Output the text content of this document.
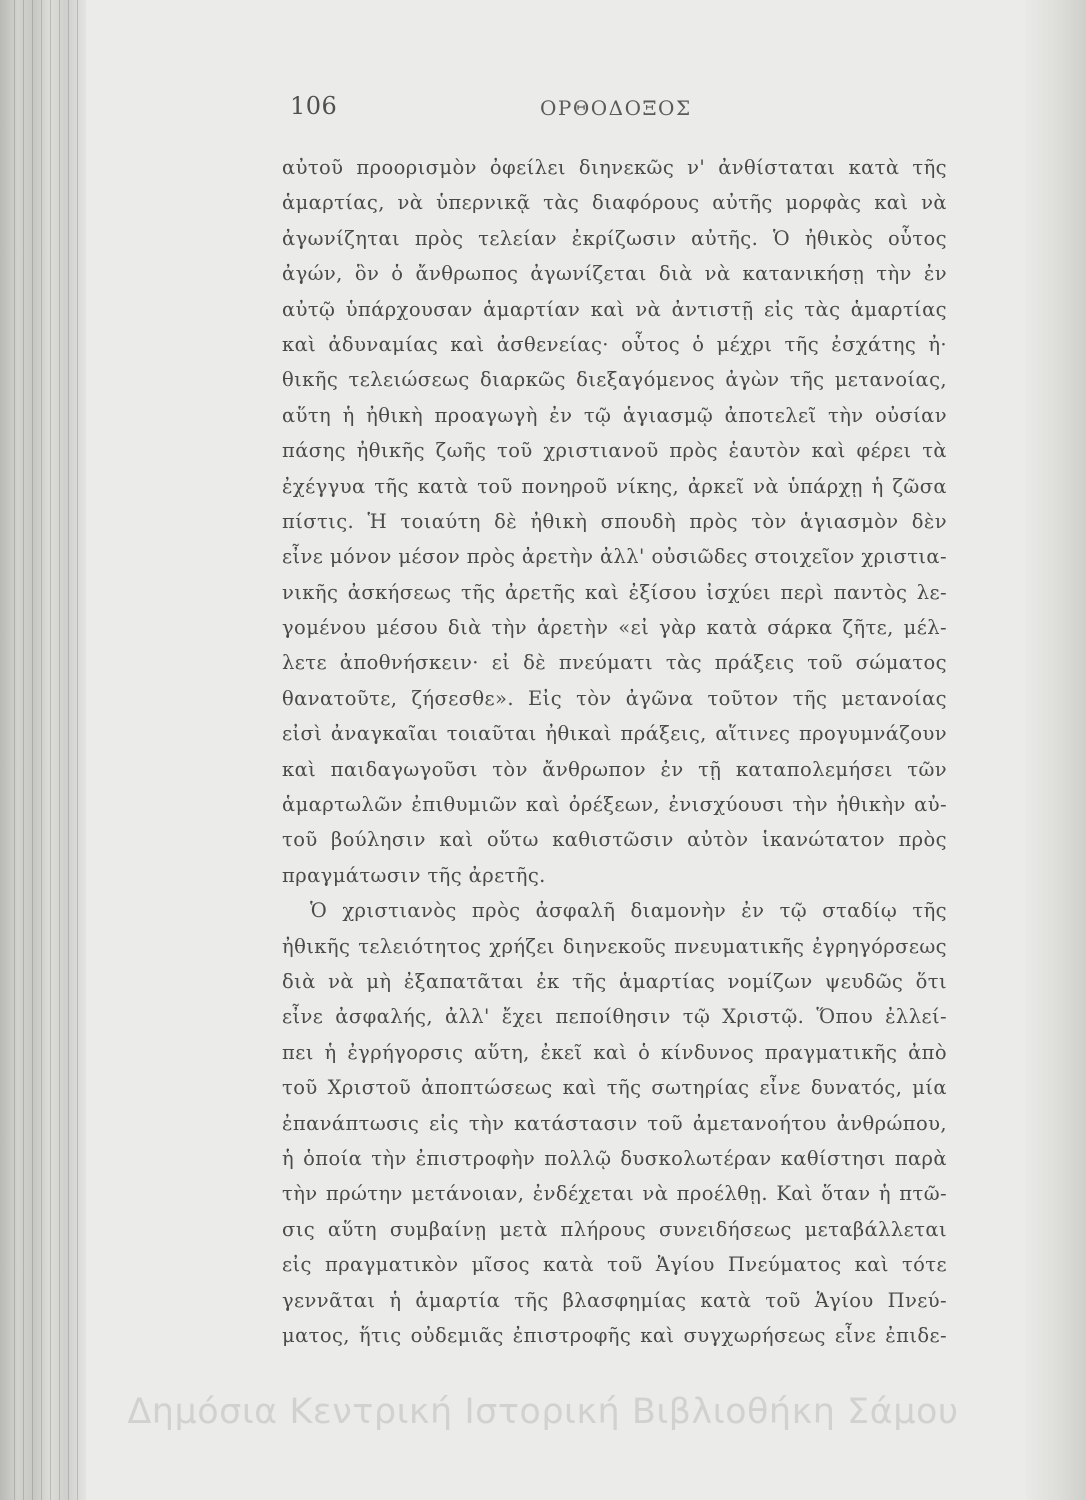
106	ΟΡΘΟΔΟΞΟΣ
αὐτοῦ προορισμὸν ὀφείλει διηνεκῶς ν' ἀνθίσταται κατὰ τῆς
ἁμαρτίας, νὰ ὑπερνικᾷ τὰς διαφόρους αὐτῆς μορφὰς καὶ νὰ
ἀγωνίζηται πρὸς τελείαν ἐκρίζωσιν αὐτῆς. Ὁ ἠθικὸς οὗτος
ἀγών, ὃν ὁ ἄνθρωπος ἀγωνίζεται διὰ νὰ κατανικήσῃ τὴν ἐν
αὐτῷ ὑπάρχουσαν ἁμαρτίαν καὶ νὰ ἀντιστῇ εἰς τὰς ἁμαρτίας
καὶ ἀδυναμίας καὶ ἀσθενείας· οὗτος ὁ μέχρι τῆς ἐσχάτης ἠ·
θικῆς τελειώσεως διαρκῶς διεξαγόμενος ἀγὼν τῆς μετανοίας,
αὕτη ἡ ἠθικὴ προαγωγὴ ἐν τῷ ἁγιασμῷ ἀποτελεῖ τὴν οὐσίαν
πάσης ἠθικῆς ζωῆς τοῦ χριστιανοῦ πρὸς ἑαυτὸν καὶ φέρει τὰ
ἐχέγγυα τῆς κατὰ τοῦ πονηροῦ νίκης, ἀρκεῖ νὰ ὑπάρχῃ ἡ ζῶσα
πίστις. Ἡ τοιαύτη δὲ ἠθικὴ σπουδὴ πρὸς τὸν ἁγιασμὸν δὲν
εἶνε μόνον μέσον πρὸς ἀρετὴν ἀλλ' οὐσιῶδες στοιχεῖον χριστια-
νικῆς ἀσκήσεως τῆς ἀρετῆς καὶ ἐξίσου ἰσχύει περὶ παντὸς λε-
γομένου μέσου διὰ τὴν ἀρετὴν «εἰ γὰρ κατὰ σάρκα ζῆτε, μέλ-
λετε ἀποθνήσκειν· εἰ δὲ πνεύματι τὰς πράξεις τοῦ σώματος
θανατοῦτε, ζήσεσθε». Εἰς τὸν ἀγῶνα τοῦτον τῆς μετανοίας
εἰσὶ ἀναγκαῖαι τοιαῦται ἠθικαὶ πράξεις, αἵτινες προγυμνάζουν
καὶ παιδαγωγοῦσι τὸν ἄνθρωπον ἐν τῇ καταπολεμήσει τῶν
ἁμαρτωλῶν ἐπιθυμιῶν καὶ ὀρέξεων, ἐνισχύουσι τὴν ἠθικὴν αὐ-
τοῦ βούλησιν καὶ οὕτω καθιστῶσιν αὐτὸν ἱκανώτατον πρὸς
πραγμάτωσιν τῆς ἀρετῆς.
Ὁ χριστιανὸς πρὸς ἀσφαλῆ διαμονὴν ἐν τῷ σταδίῳ τῆς
ἠθικῆς τελειότητος χρήζει διηνεκοῦς πνευματικῆς ἐγρηγόρσεως
διὰ νὰ μὴ ἐξαπατᾶται ἐκ τῆς ἁμαρτίας νομίζων ψευδῶς ὅτι
εἶνε ἀσφαλής, ἀλλ' ἔχει πεποίθησιν τῷ Χριστῷ. Ὅπου ἐλλεί-
πει ἡ ἐγρήγορσις αὕτη, ἐκεῖ καὶ ὁ κίνδυνος πραγματικῆς ἀπὸ
τοῦ Χριστοῦ ἀποπτώσεως καὶ τῆς σωτηρίας εἶνε δυνατός, μία
ἐπανάπτωσις εἰς τὴν κατάστασιν τοῦ ἀμετανοήτου ἀνθρώπου,
ἡ ὁποία τὴν ἐπιστροφὴν πολλῷ δυσκολωτέραν καθίστησι παρὰ
τὴν πρώτην μετάνοιαν, ἐνδέχεται νὰ προέλθῃ. Καὶ ὅταν ἡ πτῶ-
σις αὕτη συμβαίνῃ μετὰ πλήρους συνειδήσεως μεταβάλλεται
εἰς πραγματικὸν μῖσος κατὰ τοῦ Ἁγίου Πνεύματος καὶ τότε
γεννᾶται ἡ ἁμαρτία τῆς βλασφημίας κατὰ τοῦ Ἁγίου Πνεύ-
ματος, ἥτις οὐδεμιᾶς ἐπιστροφῆς καὶ συγχωρήσεως εἶνε ἐπιδε-
Δημόσια Κεντρική Ιστορική Βιβλιοθήκη Σάμου
